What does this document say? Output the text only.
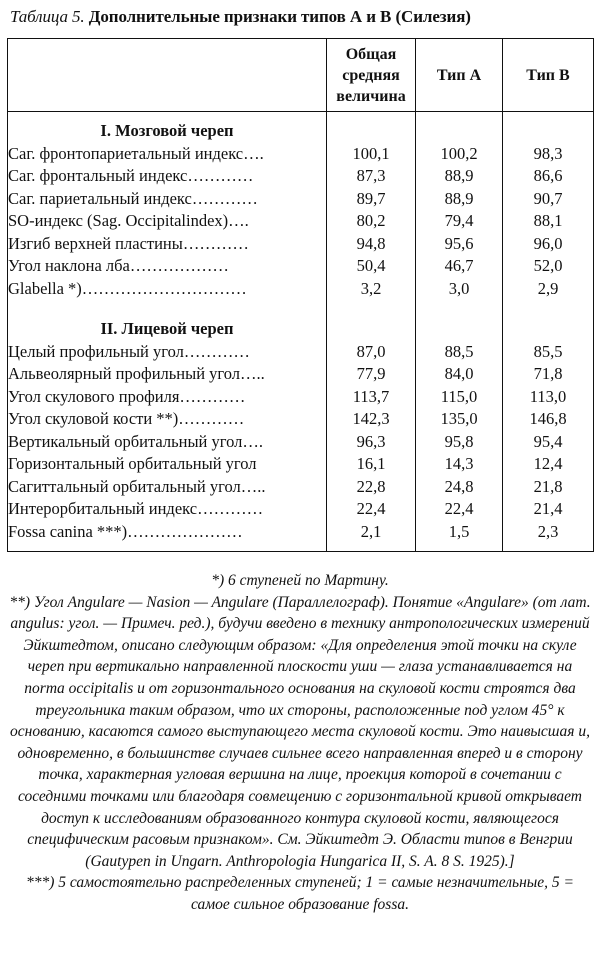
Таблица 5. Дополнительные признаки типов А и В (Силезия)
	Общая средняя величина	Тип А	Тип В

I. Мозговой череп			
Саг. фронтопариетальный индекс….	100,1	100,2	98,3
Саг. фронтальный индекс…………	87,3	88,9	86,6
Саг. париетальный индекс…………	89,7	88,9	90,7
SO-индекс (Sag. Occipitalindex)….	80,2	79,4	88,1
Изгиб верхней пластины…………	94,8	95,6	96,0
Угол наклона лба………………	50,4	46,7	52,0
Glabella *)…………………………	3,2	3,0	2,9

II. Лицевой череп			
Целый профильный угол…………	87,0	88,5	85,5
Альвеолярный профильный угол…..	77,9	84,0	71,8
Угол скулового профиля…………	113,7	115,0	113,0
Угол скуловой кости **)…………	142,3	135,0	146,8
Вертикальный орбитальный угол….	96,3	95,8	95,4
Горизонтальный орбитальный угол	16,1	14,3	12,4
Сагиттальный орбитальный угол…..	22,8	24,8	21,8
Интерорбитальный индекс…………	22,4	22,4	21,4
Fossa canina ***)…………………	2,1	1,5	2,3

*) 6 ступеней по Мартину.

**) Угол Angulare — Nasion — Angulare (Параллелограф). Понятие «Angulare» (от лат. angulus: угол. — Примеч. ред.), будучи введено в технику антропологических измерений Эйкштедтом, описано следующим образом: «Для определения этой точки на скуле череп при вертикально направленной плоскости уши — глаза устанавливается на norma occipitalis и от горизонтального основания на скуловой кости строятся два треугольника таким образом, что их стороны, расположенные под углом 45° к основанию, касаются самого выступающего места скуловой кости. Это наивысшая и, одновременно, в большинстве случаев сильнее всего направленная вперед и в сторону точка, характерная угловая вершина на лице, проекция которой в сочетании с соседними точками или благодаря совмещению с горизонтальной кривой открывает доступ к исследованиям образованного контура скуловой кости, являющегося специфическим расовым признаком». См. Эйкштедт Э. Области типов в Венгрии (Gautypen in Ungarn. Anthropologia Hungarica II, S. A. 8 S. 1925).]

***) 5 самостоятельно распределенных ступеней; 1 = самые незначительные, 5 = самое сильное образование fossa.
